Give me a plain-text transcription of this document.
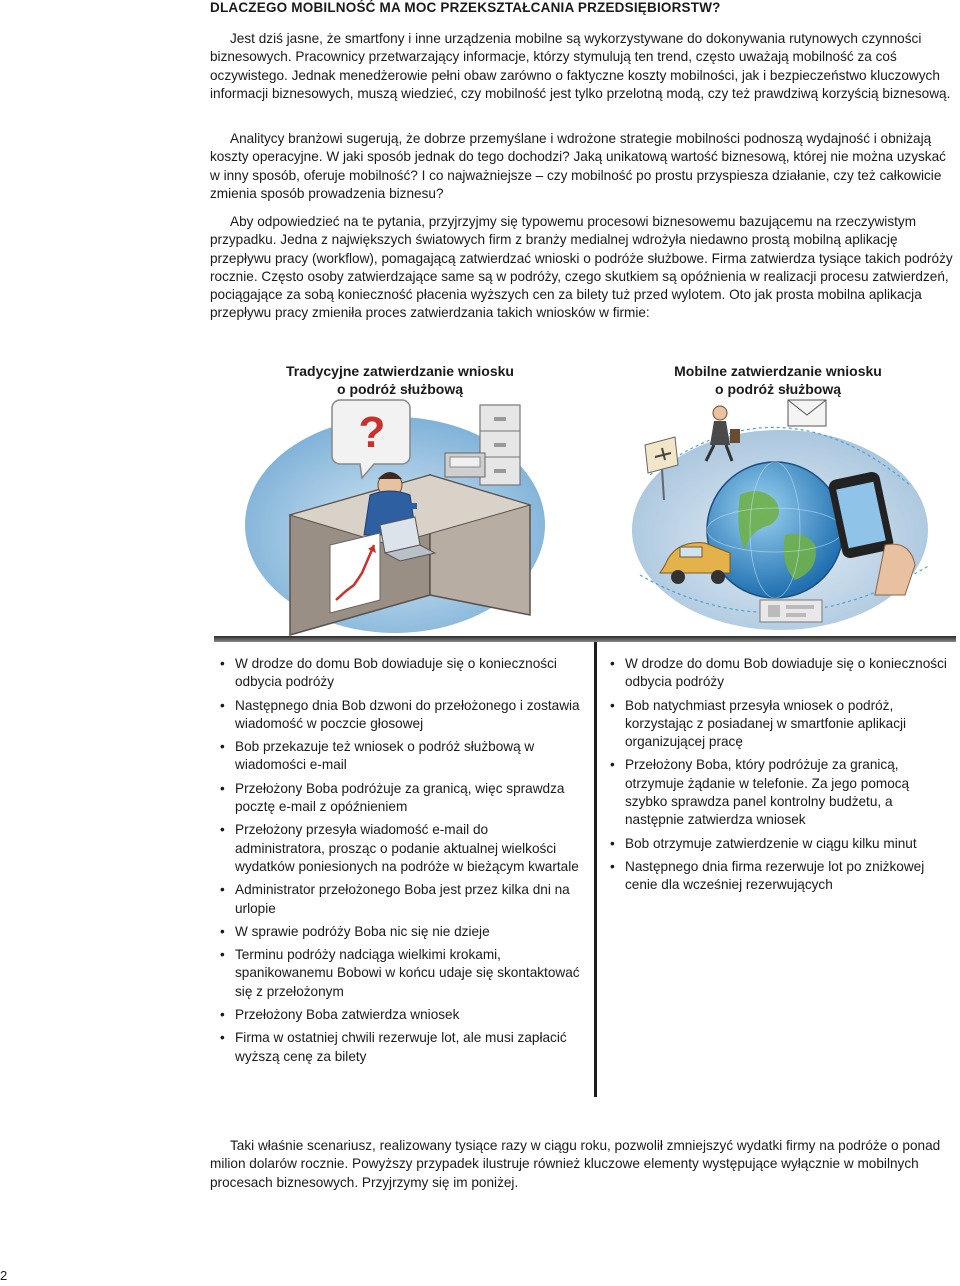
DLACZEGO MOBILNOŚĆ MA MOC PRZEKSZTAŁCANIA PRZEDSIĘBIORSTW?

Jest dziś jasne, że smartfony i inne urządzenia mobilne są wykorzystywane do dokonywania rutynowych czynności biznesowych. Pracownicy przetwarzający informacje, którzy stymulują ten trend, często uważają mobilność za coś oczywistego. Jednak menedżerowie pełni obaw zarówno o faktyczne koszty mobilności, jak i bezpieczeństwo kluczowych informacji biznesowych, muszą wiedzieć, czy mobilność jest tylko przelotną modą, czy też prawdziwą korzyścią biznesową.

Analitycy branżowi sugerują, że dobrze przemyślane i wdrożone strategie mobilności podnoszą wydajność i obniżają koszty operacyjne. W jaki sposób jednak do tego dochodzi? Jaką unikatową wartość biznesową, której nie można uzyskać w inny sposób, oferuje mobilność? I co najważniejsze – czy mobilność po prostu przyspiesza działanie, czy też całkowicie zmienia sposób prowadzenia biznesu?

Aby odpowiedzieć na te pytania, przyjrzyjmy się typowemu procesowi biznesowemu bazującemu na rzeczywistym przypadku. Jedna z największych światowych firm z branży medialnej wdrożyła niedawno prostą mobilną aplikację przepływu pracy (workflow), pomagającą zatwierdzać wnioski o podróże służbowe. Firma zatwierdza tysiące takich podróży rocznie. Często osoby zatwierdzające same są w podróży, czego skutkiem są opóźnienia w realizacji procesu zatwierdzeń, pociągające za sobą konieczność płacenia wyższych cen za bilety tuż przed wylotem. Oto jak prosta mobilna aplikacja przepływu pracy zmieniła proces zatwierdzania takich wniosków w firmie:

Tradycyjne zatwierdzanie wniosku
o podróż służbową
Mobilne zatwierdzanie wniosku
o podróż służbową
?
• W drodze do domu Bob dowiaduje się o konieczności odbycia podróży
• Następnego dnia Bob dzwoni do przełożonego i zostawia wiadomość w poczcie głosowej
• Bob przekazuje też wniosek o podróż służbową w wiadomości e-mail
• Przełożony Boba podróżuje za granicą, więc sprawdza pocztę e-mail z opóźnieniem
• Przełożony przesyła wiadomość e-mail do administratora, prosząc o podanie aktualnej wielkości wydatków poniesionych na podróże w bieżącym kwartale
• Administrator przełożonego Boba jest przez kilka dni na urlopie
• W sprawie podróży Boba nic się nie dzieje
• Terminu podróży nadciąga wielkimi krokami, spanikowanemu Bobowi w końcu udaje się skontaktować się z przełożonym
• Przełożony Boba zatwierdza wniosek
• Firma w ostatniej chwili rezerwuje lot, ale musi zapłacić wyższą cenę za bilety
• W drodze do domu Bob dowiaduje się o konieczności odbycia podróży
• Bob natychmiast przesyła wniosek o podróż, korzystając z posiadanej w smartfonie aplikacji organizującej pracę
• Przełożony Boba, który podróżuje za granicą, otrzymuje żądanie w telefonie. Za jego pomocą szybko sprawdza panel kontrolny budżetu, a następnie zatwierdza wniosek
• Bob otrzymuje zatwierdzenie w ciągu kilku minut
• Następnego dnia firma rezerwuje lot po zniżkowej cenie dla wcześniej rezerwujących

Taki właśnie scenariusz, realizowany tysiące razy w ciągu roku, pozwolił zmniejszyć wydatki firmy na podróże o ponad milion dolarów rocznie. Powyższy przypadek ilustruje również kluczowe elementy występujące wyłącznie w mobilnych procesach biznesowych. Przyjrzymy się im poniżej.

2
